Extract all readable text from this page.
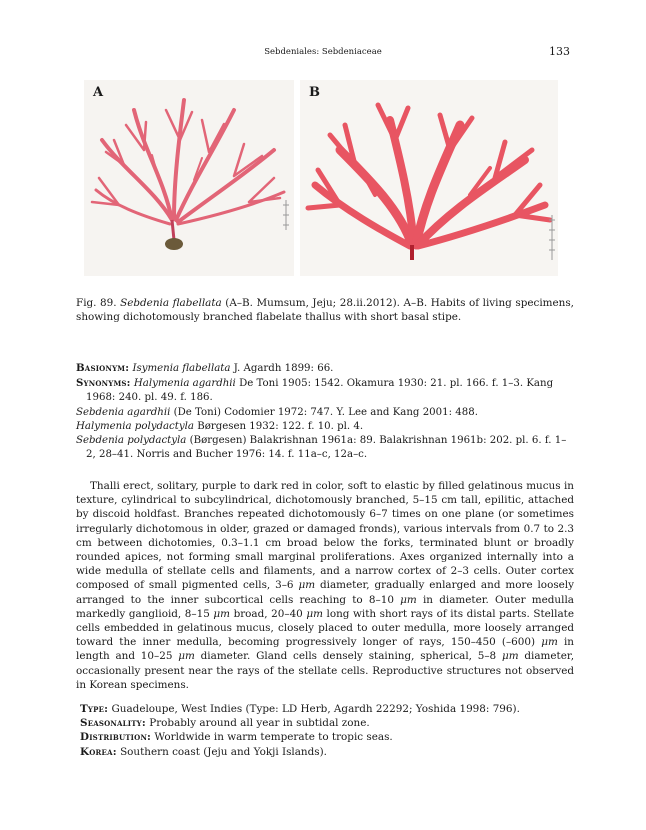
Sebdeniales: Sebdeniaceae	133
A	B
Fig. 89. Sebdenia flabellata (A–B. Mumsum, Jeju; 28.ii.2012). A–B. Habits of living specimens, showing dichotomously branched flabelate thallus with short basal stipe.

Basionym: Isymenia flabellata J. Agardh 1899: 66.

Synonyms: Halymenia agardhii De Toni 1905: 1542. Okamura 1930: 21. pl. 166. f. 1–3. Kang 1968: 240. pl. 49. f. 186.

Sebdenia agardhii (De Toni) Codomier 1972: 747. Y. Lee and Kang 2001: 488.

Halymenia polydactyla Børgesen 1932: 122. f. 10. pl. 4.

Sebdenia polydactyla (Børgesen) Balakrishnan 1961a: 89. Balakrishnan 1961b: 202. pl. 6. f. 1–2, 28–41. Norris and Bucher 1976: 14. f. 11a–c, 12a–c.

Thalli erect, solitary, purple to dark red in color, soft to elastic by filled gelatinous mucus in texture, cylindrical to subcylindrical, dichotomously branched, 5–15 cm tall, epilitic, attached by discoid holdfast. Branches repeated dichotomously 6–7 times on one plane (or sometimes irregularly dichotomous in older, grazed or damaged fronds), various intervals from 0.7 to 2.3 cm between dichotomies, 0.3–1.1 cm broad below the forks, terminated blunt or broadly rounded apices, not forming small marginal proliferations. Axes organized internally into a wide medulla of stellate cells and filaments, and a narrow cortex of 2–3 cells. Outer cortex composed of small pigmented cells, 3–6 μm diameter, gradually enlarged and more loosely arranged to the inner subcortical cells reaching to 8–10 μm in diameter. Outer medulla markedly ganglioid, 8–15 μm broad, 20–40 μm long with short rays of its distal parts. Stellate cells embedded in gelatinous mucus, closely placed to outer medulla, more loosely arranged toward the inner medulla, becoming progressively longer of rays, 150–450 (–600) μm in length and 10–25 μm diameter. Gland cells densely staining, spherical, 5–8 μm diameter, occasionally present near the rays of the stellate cells. Reproductive structures not observed in Korean specimens.

Type: Guadeloupe, West Indies (Type: LD Herb, Agardh 22292; Yoshida 1998: 796).

Seasonality: Probably around all year in subtidal zone.

Distribution: Worldwide in warm temperate to tropic seas.

Korea: Southern coast (Jeju and Yokji Islands).
